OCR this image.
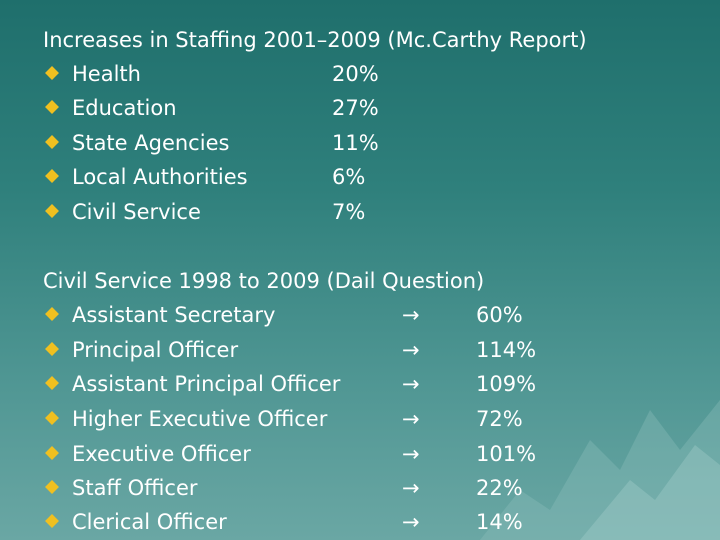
Increases in Staffing 2001–2009 (Mc.Carthy Report)
Health	20%
Education	27%
State Agencies	11%
Local Authorities	6%
Civil Service	7%
Civil Service 1998 to 2009 (Dail Question)
Assistant Secretary	→	60%
Principal Officer	→	114%
Assistant Principal Officer	→	109%
Higher Executive Officer	→	72%
Executive Officer	→	101%
Staff Officer	→	22%
Clerical Officer	→	14%
